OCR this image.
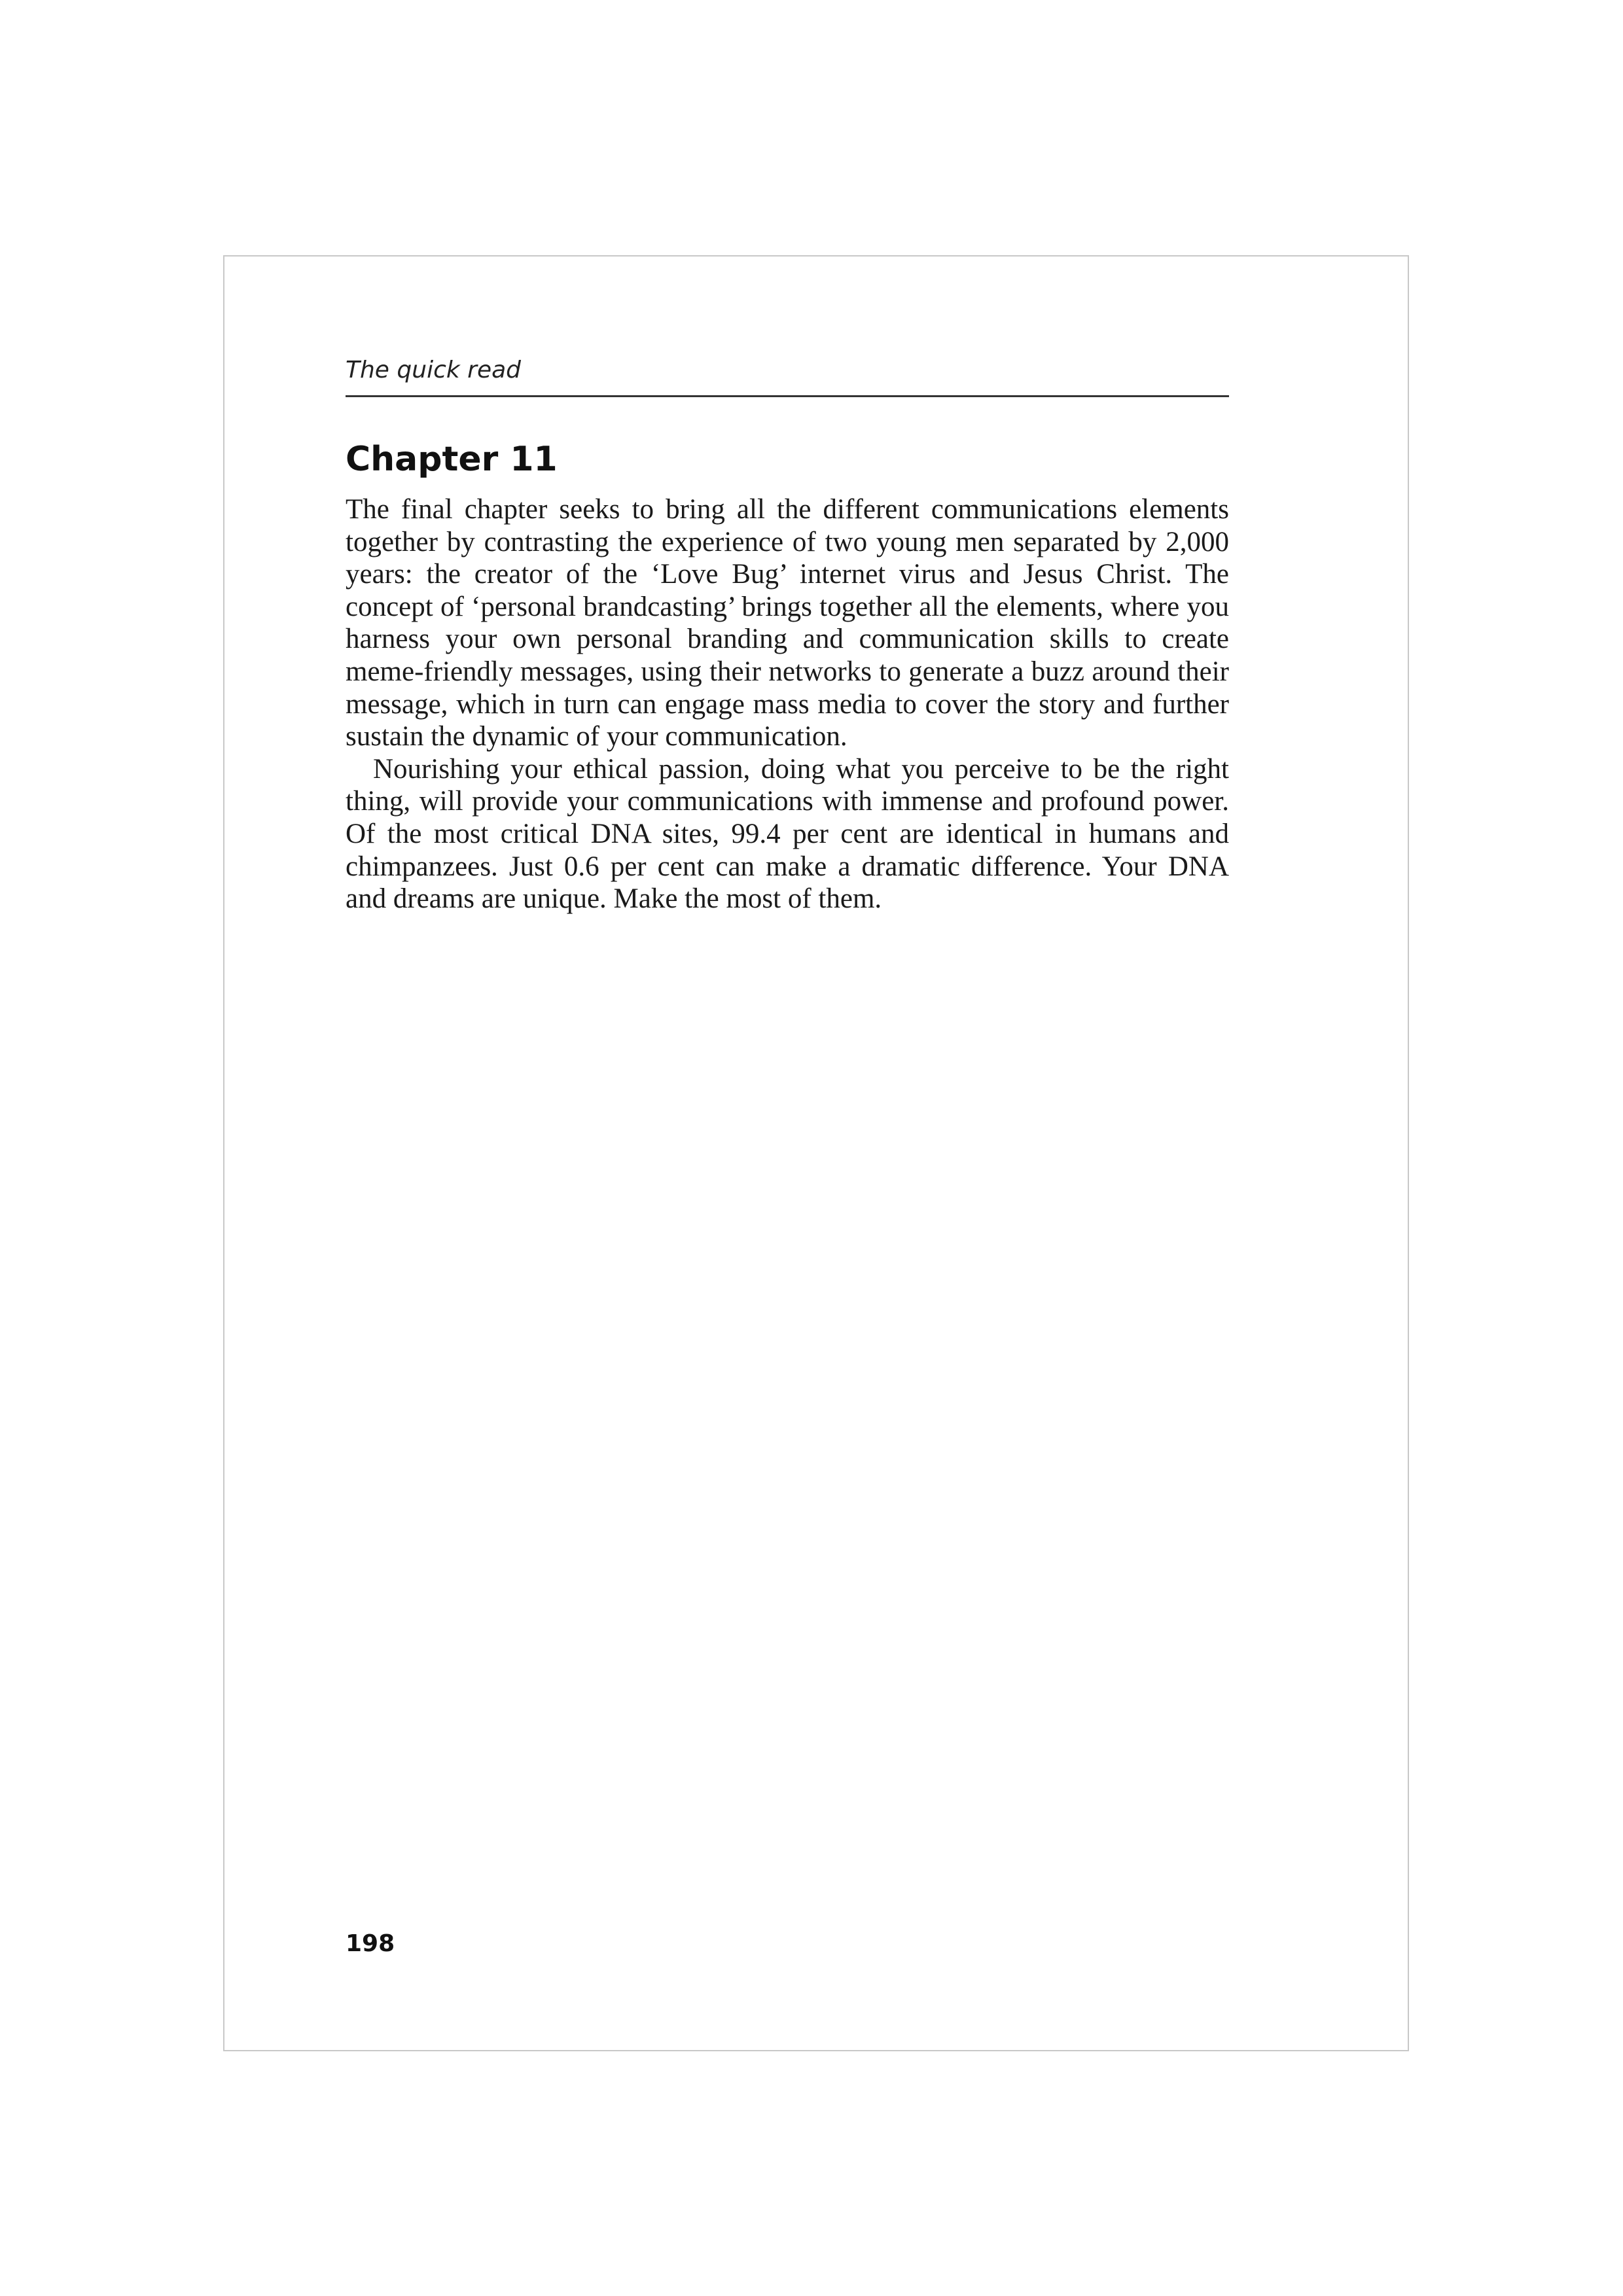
The quick read
Chapter 11

The final chapter seeks to bring all the different communications elements together by contrasting the experience of two young men separated by 2,000 years: the creator of the ‘Love Bug’ internet virus and Jesus Christ. The concept of ‘personal brandcasting’ brings together all the elements, where you harness your own personal branding and communication skills to create meme-friendly messages, using their networks to generate a buzz around their message, which in turn can engage mass media to cover the story and further sustain the dynamic of your communication.

Nourishing your ethical passion, doing what you perceive to be the right thing, will provide your communications with immense and profound power. Of the most critical DNA sites, 99.4 per cent are identical in humans and chimpanzees. Just 0.6 per cent can make a dramatic difference. Your DNA and dreams are unique. Make the most of them.

198
